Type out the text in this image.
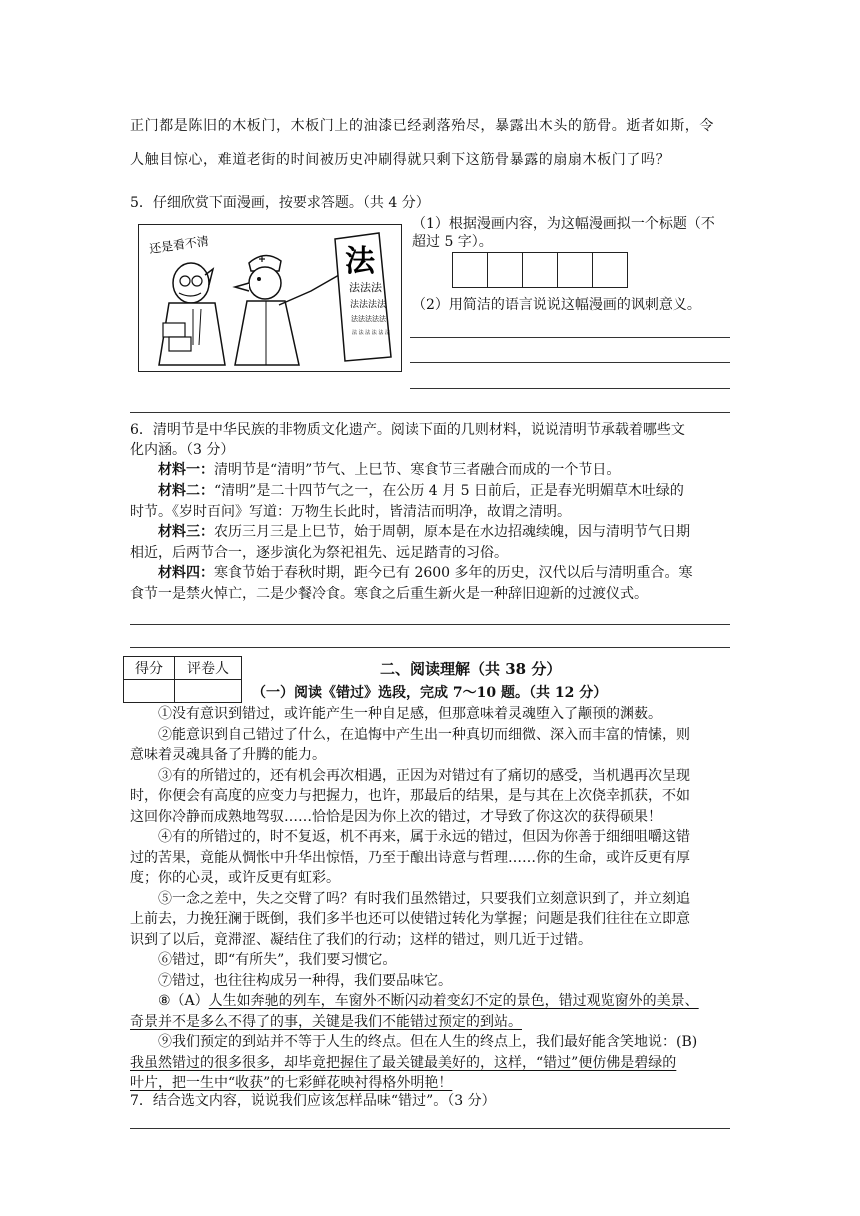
正门都是陈旧的木板门，木板门上的油漆已经剥落殆尽，暴露出木头的筋骨。逝者如斯，令
人触目惊心，难道老街的时间被历史冲刷得就只剩下这筋骨暴露的扇扇木板门了吗？
5．仔细欣赏下面漫画，按要求答题。（共 4 分）
还是看不清	法
法法法
法法法法
法法法法法
法 法 法 法 法 法
（1）根据漫画内容，为这幅漫画拟一个标题（不
超过 5 字）。
（2）用简洁的语言说说这幅漫画的讽刺意义。
6．清明节是中华民族的非物质文化遗产。阅读下面的几则材料，说说清明节承载着哪些文
化内涵。（3 分）
材料一：清明节是“清明”节气、上巳节、寒食节三者融合而成的一个节日。
材料二：“清明”是二十四节气之一，在公历 4 月 5 日前后，正是春光明媚草木吐绿的
时节。《岁时百问》写道：万物生长此时，皆清洁而明净，故谓之清明。
材料三：农历三月三是上巳节，始于周朝，原本是在水边招魂续魄，因与清明节气日期
相近，后两节合一，逐步演化为祭祀祖先、远足踏青的习俗。
材料四：寒食节始于春秋时期，距今已有 2600 多年的历史，汉代以后与清明重合。寒
食节一是禁火悼亡，二是少餐冷食。寒食之后重生新火是一种辞旧迎新的过渡仪式。
得分	评卷人
		二、阅读理解（共 38 分）
（一）阅读《错过》选段，完成 7～10 题。（共 12 分）
①没有意识到错过，或许能产生一种自足感，但那意味着灵魂堕入了颟顸的渊薮。
②能意识到自己错过了什么，在追悔中产生出一种真切而细微、深入而丰富的情愫，则
意味着灵魂具备了升腾的能力。
③有的所错过的，还有机会再次相遇，正因为对错过有了痛切的感受，当机遇再次呈现
时，你便会有高度的应变力与把握力，也许，那最后的结果，是与其在上次侥幸抓获，不如
这回你冷静而成熟地驾驭……恰恰是因为你上次的错过，才导致了你这次的获得硕果！
④有的所错过的，时不复返，机不再来，属于永远的错过，但因为你善于细细咀嚼这错
过的苦果，竟能从惆怅中升华出惊悟，乃至于酿出诗意与哲理……你的生命，或许反更有厚
度；你的心灵，或许反更有虹彩。
⑤一念之差中，失之交臂了吗？有时我们虽然错过，只要我们立刻意识到了，并立刻追
上前去，力挽狂澜于既倒，我们多半也还可以使错过转化为掌握；问题是我们往往在立即意
识到了以后，竟滞涩、凝结住了我们的行动；这样的错过，则几近于过错。
⑥错过，即“有所失”，我们要习惯它。
⑦错过，也往往构成另一种得，我们要品味它。
⑧（A）人生如奔驰的列车，车窗外不断闪动着变幻不定的景色，错过观览窗外的美景、
奇景并不是多么不得了的事，关键是我们不能错过预定的到站。
⑨我们预定的到站并不等于人生的终点。但在人生的终点上，我们最好能含笑地说：(B)
我虽然错过的很多很多，却毕竟把握住了最关键最美好的，这样，“错过”便仿佛是碧绿的
叶片，把一生中“收获”的七彩鲜花映衬得格外明艳！
7．结合选文内容，说说我们应该怎样品味“错过”。（3 分）
